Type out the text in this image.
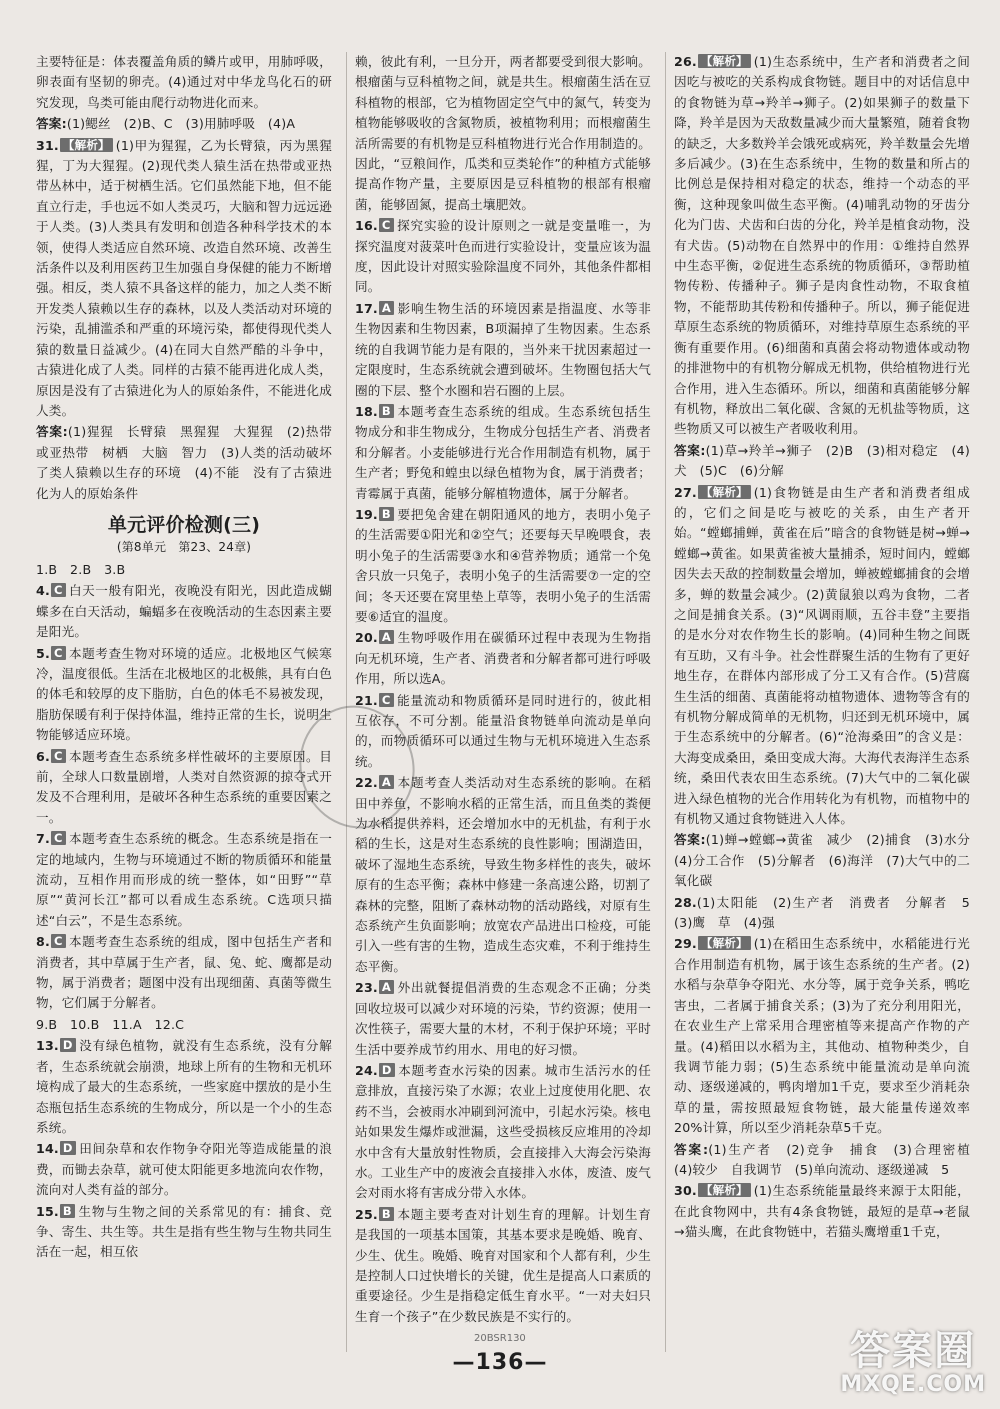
主要特征是：体表覆盖角质的鳞片或甲，用肺呼吸，卵表面有坚韧的卵壳。(4)通过对中华龙鸟化石的研究发现，鸟类可能由爬行动物进化而来。

答案:(1)鳃丝　(2)B、C　(3)用肺呼吸　(4)A

31. 【解析】 (1)甲为猩猩，乙为长臂猿，丙为黑猩猩，丁为大猩猩。(2)现代类人猿生活在热带或亚热带丛林中，适于树栖生活。它们虽然能下地，但不能直立行走，手也远不如人类灵巧，大脑和智力远远逊于人类。(3)人类具有发明和创造各种科学技术的本领，使得人类适应自然环境、改造自然环境、改善生活条件以及利用医药卫生加强自身保健的能力不断增强。相反，类人猿不具备这样的能力，加之人类不断开发类人猿赖以生存的森林，以及人类活动对环境的污染，乱捕滥杀和严重的环境污染，都使得现代类人猿的数量日益减少。(4)在同大自然严酷的斗争中，古猿进化成了人类。同样的古猿不能再进化成人类，原因是没有了古猿进化为人的原始条件，不能进化成人类。

答案:(1)猩猩　长臂猿　黑猩猩　大猩猩　(2)热带或亚热带　树栖　大脑　智力　(3)人类的活动破坏了类人猿赖以生存的环境　(4)不能　没有了古猿进化为人的原始条件

单元评价检测(三)
(第8单元　第23、24章)

1.B　2.B　3.B

4. C 白天一般有阳光，夜晚没有阳光，因此造成蝴蝶多在白天活动，蝙蝠多在夜晚活动的生态因素主要是阳光。

5. C 本题考查生物对环境的适应。北极地区气候寒冷，温度很低。生活在北极地区的北极熊，具有白色的体毛和较厚的皮下脂肪，白色的体毛不易被发现，脂肪保暖有利于保持体温，维持正常的生长，说明生物能够适应环境。

6. C 本题考查生态系统多样性破坏的主要原因。目前，全球人口数量剧增，人类对自然资源的掠夺式开发及不合理利用，是破坏各种生态系统的重要因素之一。

7. C 本题考查生态系统的概念。生态系统是指在一定的地域内，生物与环境通过不断的物质循环和能量流动，互相作用而形成的统一整体，如“田野”“草原”“黄河长江”都可以看成生态系统。C选项只描述“白云”，不是生态系统。

8. C 本题考查生态系统的组成，图中包括生产者和消费者，其中草属于生产者，鼠、兔、蛇、鹰都是动物，属于消费者；题图中没有出现细菌、真菌等微生物，它们属于分解者。

9.B　10.B　11.A　12.C

13. D 没有绿色植物，就没有生态系统，没有分解者，生态系统就会崩溃，地球上所有的生物和无机环境构成了最大的生态系统，一些家庭中摆放的是小生态瓶包括生态系统的生物成分，所以是一个小的生态系统。

14. D 田间杂草和农作物争夺阳光等造成能量的浪费，而锄去杂草，就可使太阳能更多地流向农作物，流向对人类有益的部分。

15. B 生物与生物之间的关系常见的有：捕食、竞争、寄生、共生等。共生是指有些生物与生物共同生活在一起，相互依

赖，彼此有利，一旦分开，两者都要受到很大影响。根瘤菌与豆科植物之间，就是共生。根瘤菌生活在豆科植物的根部，它为植物固定空气中的氮气，转变为植物能够吸收的含氮物质，被植物利用；而根瘤菌生活所需要的有机物是豆科植物进行光合作用制造的。因此，“豆粮间作，瓜类和豆类轮作”的种植方式能够提高作物产量，主要原因是豆科植物的根部有根瘤菌，能够固氮，提高土壤肥效。

16. C 探究实验的设计原则之一就是变量唯一，为探究温度对菠菜叶色而进行实验设计，变量应该为温度，因此设计对照实验除温度不同外，其他条件都相同。

17. A 影响生物生活的环境因素是指温度、水等非生物因素和生物因素，B项漏掉了生物因素。生态系统的自我调节能力是有限的，当外来干扰因素超过一定限度时，生态系统就会遭到破坏。生物圈包括大气圈的下层、整个水圈和岩石圈的上层。

18. B 本题考查生态系统的组成。生态系统包括生物成分和非生物成分，生物成分包括生产者、消费者和分解者。小麦能够进行光合作用制造有机物，属于生产者；野兔和蝗虫以绿色植物为食，属于消费者；青霉属于真菌，能够分解植物遗体，属于分解者。

19. B 要把兔舍建在朝阳通风的地方，表明小兔子的生活需要①阳光和②空气；还要每天早晚喂食，表明小兔子的生活需要③水和④营养物质；通常一个兔舍只放一只兔子，表明小兔子的生活需要⑦一定的空间；冬天还要在窝里垫上草等，表明小兔子的生活需要⑥适宜的温度。

20. A 生物呼吸作用在碳循环过程中表现为生物指向无机环境，生产者、消费者和分解者都可进行呼吸作用，所以选A。

21. C 能量流动和物质循环是同时进行的，彼此相互依存，不可分割。能量沿食物链单向流动是单向的，而物质循环可以通过生物与无机环境进入生态系统。

22. A 本题考查人类活动对生态系统的影响。在稻田中养鱼，不影响水稻的正常生活，而且鱼类的粪便为水稻提供养料，还会增加水中的无机盐，有利于水稻的生长，这是对生态系统的良性影响；围湖造田，破坏了湿地生态系统，导致生物多样性的丧失，破坏原有的生态平衡；森林中修建一条高速公路，切割了森林的完整，阻断了森林动物的活动路线，对原有生态系统产生负面影响；放宽农产品进出口检疫，可能引入一些有害的生物，造成生态灾难，不利于维持生态平衡。

23. A 外出就餐提倡消费的生态观念不正确；分类回收垃圾可以减少对环境的污染，节约资源；使用一次性筷子，需要大量的木材，不利于保护环境；平时生活中要养成节约用水、用电的好习惯。

24. D 本题考查水污染的因素。城市生活污水的任意排放，直接污染了水源；农业上过度使用化肥、农药不当，会被雨水冲刷到河流中，引起水污染。核电站如果发生爆炸或泄漏，这些受损核反应堆用的冷却水中含有大量放射性物质，会直接排入大海会污染海水。工业生产中的废液会直接排入水体，废渣、废气会对雨水将有害成分带入水体。

25. B 本题主要考查对计划生育的理解。计划生育是我国的一项基本国策，其基本要求是晚婚、晚育、少生、优生。晚婚、晚育对国家和个人都有利，少生是控制人口过快增长的关键，优生是提高人口素质的重要途径。少生是指稳定低生育水平。“一对夫妇只生育一个孩子”在少数民族是不实行的。

26. 【解析】 (1)生态系统中，生产者和消费者之间因吃与被吃的关系构成食物链。题目中的对话信息中的食物链为草→羚羊→狮子。(2)如果狮子的数量下降，羚羊是因为天敌数量减少而大量繁殖，随着食物的缺乏，大多数羚羊会饿死或病死，羚羊数量会先增多后减少。(3)在生态系统中，生物的数量和所占的比例总是保持相对稳定的状态，维持一个动态的平衡，这种现象叫做生态平衡。(4)哺乳动物的牙齿分化为门齿、犬齿和臼齿的分化，羚羊是植食动物，没有犬齿。(5)动物在自然界中的作用：①维持自然界中生态平衡，②促进生态系统的物质循环，③帮助植物传粉、传播种子。狮子是肉食性动物，不取食植物，不能帮助其传粉和传播种子。所以，狮子能促进草原生态系统的物质循环，对维持草原生态系统的平衡有重要作用。(6)细菌和真菌会将动物遗体或动物的排泄物中的有机物分解成无机物，供给植物进行光合作用，进入生态循环。所以，细菌和真菌能够分解有机物，释放出二氧化碳、含氮的无机盐等物质，这些物质又可以被生产者吸收利用。

答案:(1)草→羚羊→狮子　(2)B　(3)相对稳定　(4)犬　(5)C　(6)分解

27. 【解析】 (1)食物链是由生产者和消费者组成的，它们之间是吃与被吃的关系，由生产者开始。“螳螂捕蝉，黄雀在后”暗含的食物链是树→蝉→螳螂→黄雀。如果黄雀被大量捕杀，短时间内，螳螂因失去天敌的控制数量会增加，蝉被螳螂捕食的会增多，蝉的数量会减少。(2)黄鼠狼以鸡为食物，二者之间是捕食关系。(3)“风调雨顺，五谷丰登”主要指的是水分对农作物生长的影响。(4)同种生物之间既有互助，又有斗争。社会性群聚生活的生物有了更好地生存，在群体内部形成了分工又有合作。(5)营腐生生活的细菌、真菌能将动植物遗体、遗物等含有的有机物分解成简单的无机物，归还到无机环境中，属于生态系统中的分解者。(6)“沧海桑田”的含义是：大海变成桑田，桑田变成大海。大海代表海洋生态系统，桑田代表农田生态系统。(7)大气中的二氧化碳进入绿色植物的光合作用转化为有机物，而植物中的有机物又通过食物链进入人体。

答案:(1)蝉→螳螂→黄雀　减少　(2)捕食　(3)水分　(4)分工合作　(5)分解者　(6)海洋　(7)大气中的二氧化碳

28.(1)太阳能　(2)生产者　消费者　分解者　5　(3)鹰　草　(4)强

29. 【解析】 (1)在稻田生态系统中，水稻能进行光合作用制造有机物，属于该生态系统的生产者。(2)水稻与杂草争夺阳光、水分等，属于竞争关系，鸭吃害虫，二者属于捕食关系；(3)为了充分利用阳光，在农业生产上常采用合理密植等来提高产作物的产量。(4)稻田以水稻为主，其他动、植物种类少，自我调节能力弱；(5)生态系统中能量流动是单向流动、逐级递减的，鸭肉增加1千克，要求至少消耗杂草的量，需按照最短食物链，最大能量传递效率20%计算，所以至少消耗杂草5千克。

答案:(1)生产者　(2)竞争　捕食　(3)合理密植　(4)较少　自我调节　(5)单向流动、逐级递减　5

30. 【解析】 (1)生态系统能量最终来源于太阳能，在此食物网中，共有4条食物链，最短的是草→老鼠→猫头鹰，在此食物链中，若猫头鹰增重1千克，

20BSR130
—136—	答案圈
MXQE.COM
